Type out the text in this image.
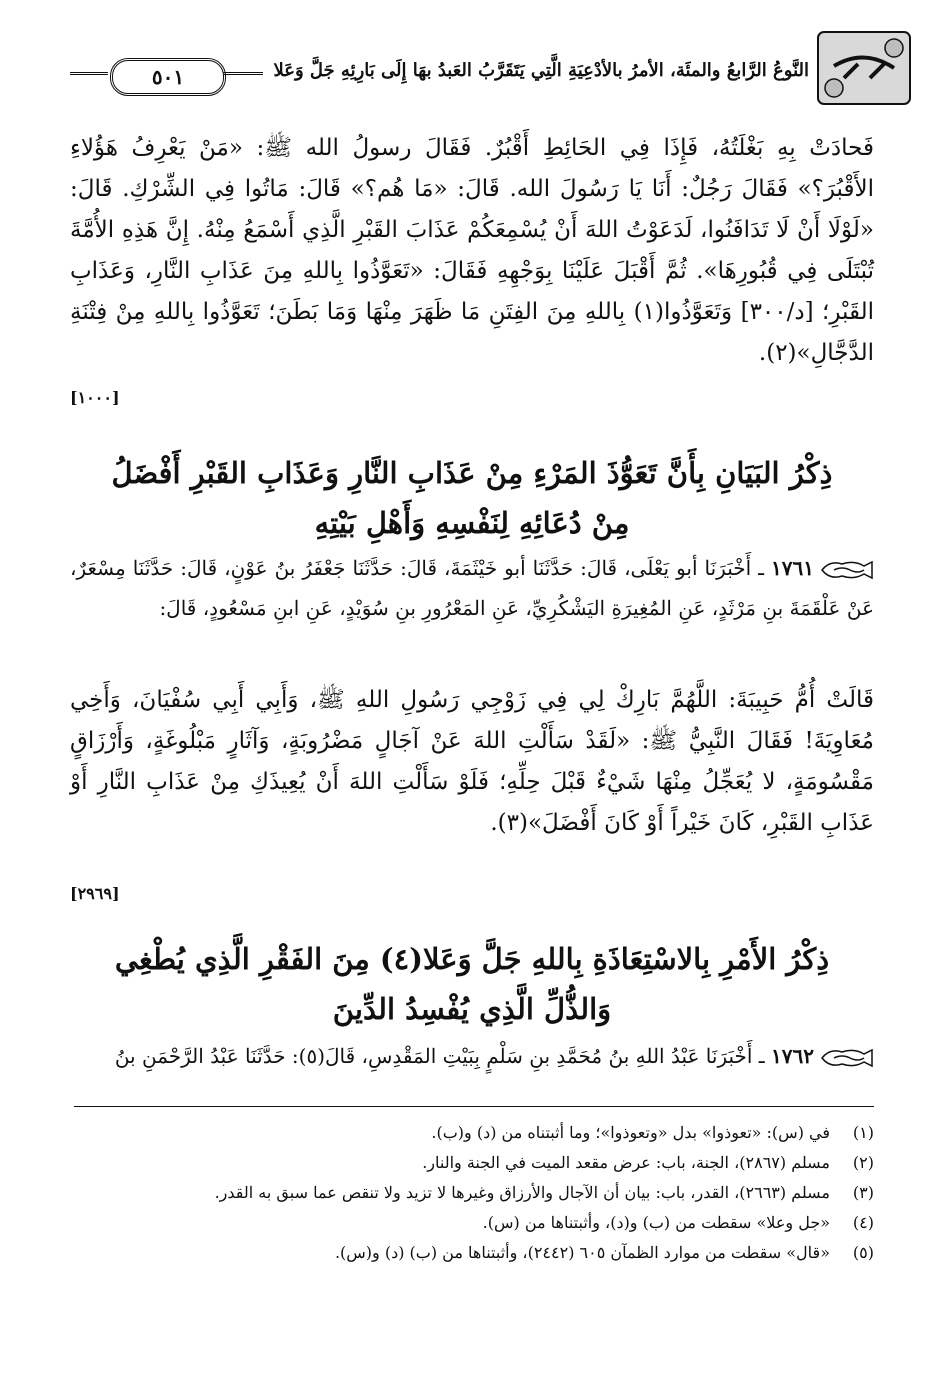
النَّوعُ الرَّابعُ والمئَة، الأمرُ بالأدْعِيَةِ الَّتِي يَتَقَرَّبُ العَبدُ بهَا إِلَى بَارِئِهِ جَلَّ وَعَلا
٥٠١
فَحادَتْ بِهِ بَغْلَتُهُ، فَإِذَا فِي الحَائِطِ أَقْبُرٌ. فَقَالَ رسولُ الله ﷺ: «مَنْ يَعْرِفُ هَؤُلاءِ الأَقْبُرَ؟» فَقَالَ رَجُلٌ: أَنَا يَا رَسُولَ الله. قَالَ: «مَا هُم؟» قَالَ: مَاتُوا فِي الشِّرْكِ. قَالَ: «لَوْلَا أَنْ لَا تَدَافَنُوا، لَدَعَوْتُ اللهَ أَنْ يُسْمِعَكُمْ عَذَابَ القَبْرِ الَّذِي أَسْمَعُ مِنْهُ. إِنَّ هَذِهِ الأُمَّةَ تُبْتَلَى فِي قُبُورِهَا». ثُمَّ أَقْبَلَ عَلَيْنَا بِوَجْهِهِ فَقَالَ: «تَعَوَّذُوا بِاللهِ مِنَ عَذَابِ النَّارِ، وَعَذَابِ القَبْرِ؛ [د/٣٠٠] وَتَعَوَّذُوا(١) بِاللهِ مِنَ الفِتَنِ مَا ظَهَرَ مِنْهَا وَمَا بَطَنَ؛ تَعَوَّذُوا بِاللهِ مِنْ فِتْنَةِ الدَّجَّالِ»(٢).
[١٠٠٠]
ذِكْرُ البَيَانِ بِأَنَّ تَعَوُّذَ المَرْءِ مِنْ عَذَابِ النَّارِ وَعَذَابِ القَبْرِ أَفْضَلُ مِنْ دُعَائِهِ لِنَفْسِهِ وَأَهْلِ بَيْتِهِ
١٧٦١ ـ أَخْبَرَنَا أبو يَعْلَى، قَالَ: حَدَّثَنَا أبو خَيْثَمَةَ، قَالَ: حَدَّثَنَا جَعْفَرُ بنُ عَوْنٍ، قَالَ: حَدَّثَنَا مِسْعَرٌ، عَنْ عَلْقَمَةَ بنِ مَرْثَدٍ، عَنِ المُغِيرَةِ اليَشْكُرِيِّ، عَنِ المَعْرُورِ بنِ سُوَيْدٍ، عَنِ ابنِ مَسْعُودٍ، قَالَ:
قَالَتْ أُمُّ حَبِيبَةَ: اللَّهُمَّ بَارِكْ لِي فِي زَوْجِي رَسُولِ اللهِ ﷺ، وَأَبِي أَبِي سُفْيَانَ، وَأَخِي مُعَاوِيَةَ! فَقَالَ النَّبِيُّ ﷺ: «لَقَدْ سَأَلْتِ اللهَ عَنْ آجَالٍ مَضْرُوبَةٍ، وَآثَارٍ مَبْلُوغَةٍ، وَأَرْزَاقٍ مَقْسُومَةٍ، لا يُعَجِّلُ مِنْهَا شَيْءٌ قَبْلَ حِلِّهِ؛ فَلَوْ سَأَلْتِ اللهَ أَنْ يُعِيذَكِ مِنْ عَذَابِ النَّارِ أَوْ عَذَابِ القَبْرِ، كَانَ خَيْراً أَوْ كَانَ أَفْضَلَ»(٣).
[٢٩٦٩]
ذِكْرُ الأَمْرِ بِالاسْتِعَاذَةِ بِاللهِ جَلَّ وَعَلا(٤) مِنَ الفَقْرِ الَّذِي يُطْغِي وَالذُّلِّ الَّذِي يُفْسِدُ الدِّينَ
١٧٦٢ ـ أَخْبَرَنَا عَبْدُ اللهِ بنُ مُحَمَّدِ بنِ سَلْمٍ بِبَيْتِ المَقْدِسِ، قَالَ(٥): حَدَّثَنَا عَبْدُ الرَّحْمَنِ بنُ
(١)
في (س): «تعوذوا» بدل «وتعوذوا»؛ وما أثبتناه من (د) و(ب).
(٢)
مسلم (٢٨٦٧)، الجنة، باب: عرض مقعد الميت في الجنة والنار.
(٣)
مسلم (٢٦٦٣)، القدر، باب: بيان أن الآجال والأرزاق وغيرها لا تزيد ولا تنقص عما سبق به القدر.
(٤)
«جل وعلا» سقطت من (ب) و(د)، وأثبتناها من (س).
(٥)
«قال» سقطت من موارد الظمآن ٦٠٥ (٢٤٤٢)، وأثبتناها من (ب) (د) و(س).
